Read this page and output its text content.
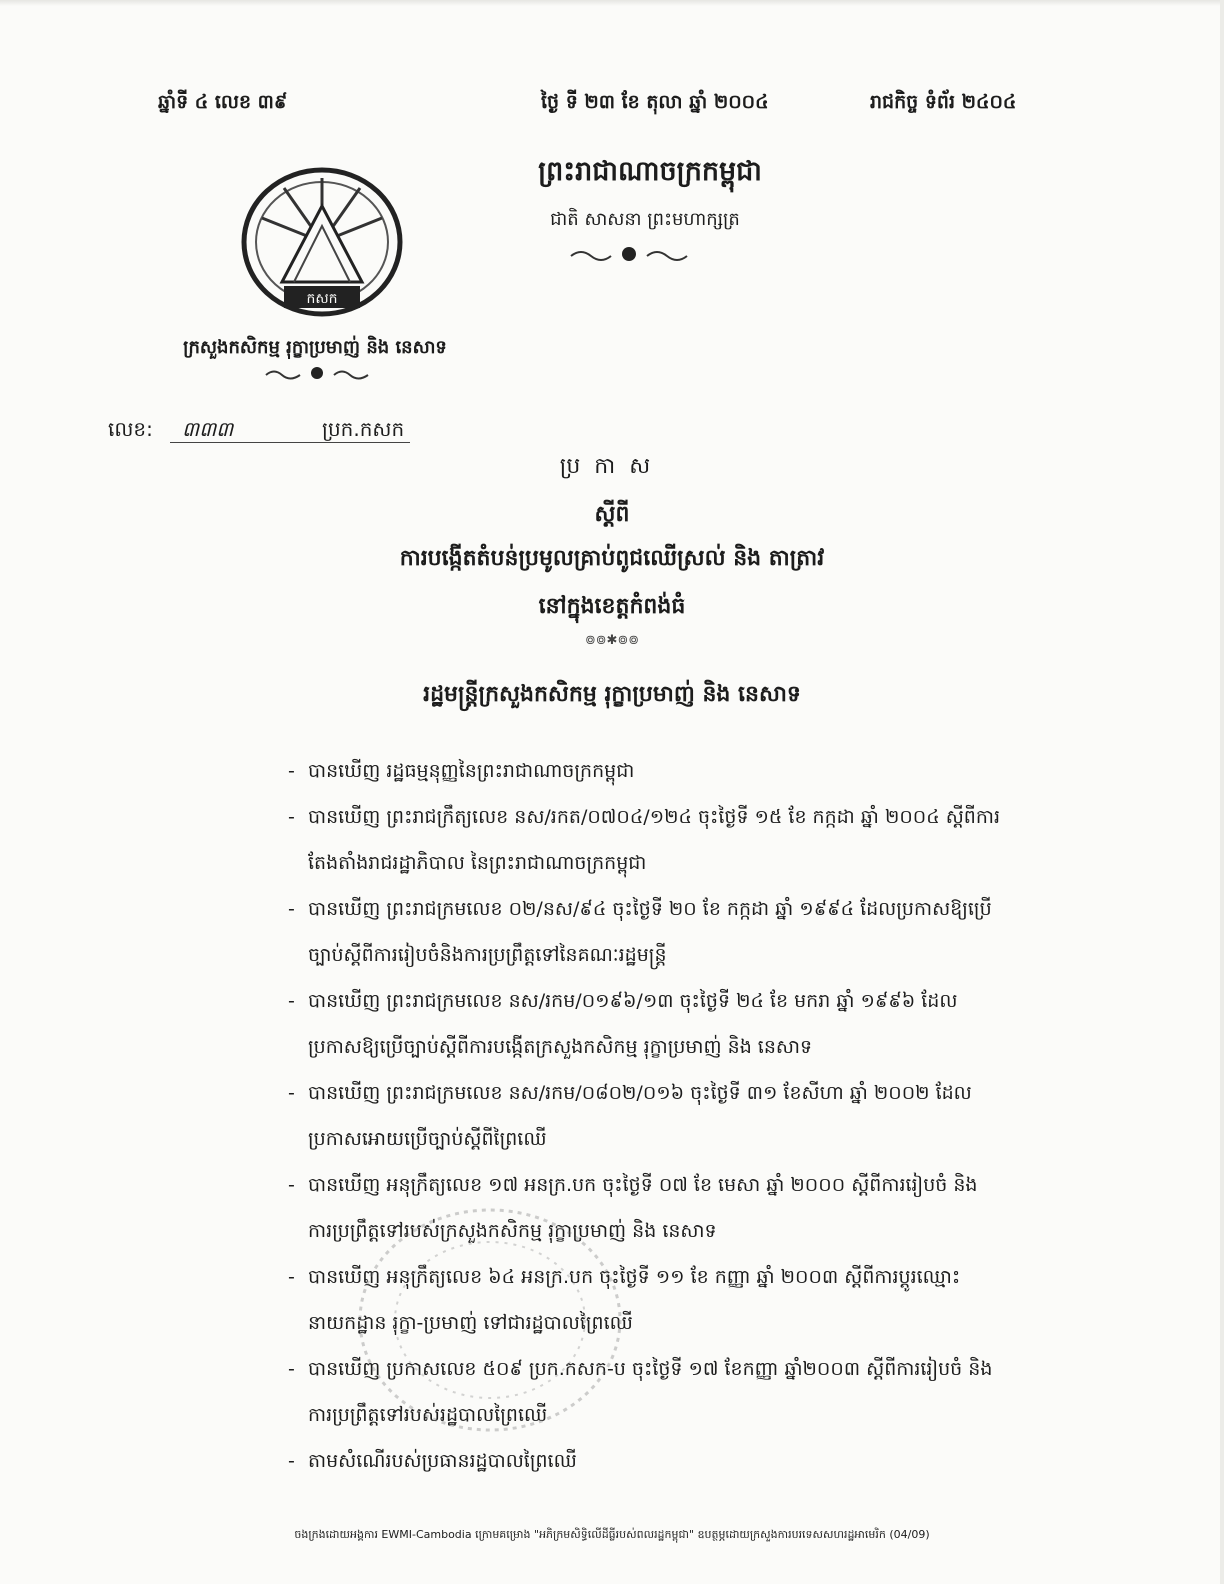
ឆ្នាំទី ៤ លេខ ៣៩	ថ្ងៃ ទី ២៣ ខែ តុលា ឆ្នាំ ២០០៤	រាជកិច្ច ទំព័រ ២៤០៤
ព្រះរាជាណាចក្រកម្ពុជា
ជាតិ សាសនា ព្រះមហាក្សត្រ
កសក
ក្រសួងកសិកម្ម រុក្ខាប្រមាញ់ និង នេសាទ
លេខ: ៣៣៣	ប្រក.កសក
ប្រកាស
ស្តីពី
ការបង្កើតតំបន់ប្រមូលគ្រាប់ពូជឈើស្រល់ និង តាត្រាវ
នៅក្នុងខេត្តកំពង់ធំ
៙៙✱៙៙
រដ្ឋមន្ត្រីក្រសួងកសិកម្ម រុក្ខាប្រមាញ់ និង នេសាទ
- បានឃើញ រដ្ឋធម្មនុញ្ញនៃព្រះរាជាណាចក្រកម្ពុជា
- បានឃើញ ព្រះរាជក្រឹត្យលេខ នស/រកត/០៧០៤/១២៤ ចុះថ្ងៃទី ១៥ ខែ កក្កដា ឆ្នាំ ២០០៤ ស្តីពីការ
តែងតាំងរាជរដ្ឋាភិបាល នៃព្រះរាជាណាចក្រកម្ពុជា
- បានឃើញ ព្រះរាជក្រមលេខ ០២/នស/៩៤ ចុះថ្ងៃទី ២០ ខែ កក្កដា ឆ្នាំ ១៩៩៤ ដែលប្រកាសឱ្យប្រើ
ច្បាប់ស្តីពីការរៀបចំនិងការប្រព្រឹត្តទៅនៃគណៈរដ្ឋមន្ត្រី
- បានឃើញ ព្រះរាជក្រមលេខ នស/រកម/០១៩៦/១៣ ចុះថ្ងៃទី ២៤ ខែ មករា ឆ្នាំ ១៩៩៦ ដែល
ប្រកាសឱ្យប្រើច្បាប់ស្តីពីការបង្កើតក្រសួងកសិកម្ម រុក្ខាប្រមាញ់ និង នេសាទ
- បានឃើញ ព្រះរាជក្រមលេខ នស/រកម/០៨០២/០១៦ ចុះថ្ងៃទី ៣១ ខែសីហា ឆ្នាំ ២០០២ ដែល
ប្រកាសអោយប្រើច្បាប់ស្តីពីព្រៃឈើ
- បានឃើញ អនុក្រឹត្យលេខ ១៧ អនក្រ.បក ចុះថ្ងៃទី ០៧ ខែ មេសា ឆ្នាំ ២០០០ ស្តីពីការរៀបចំ និង
ការប្រព្រឹត្តទៅរបស់ក្រសួងកសិកម្ម រុក្ខាប្រមាញ់ និង នេសាទ
- បានឃើញ អនុក្រឹត្យលេខ ៦៤ អនក្រ.បក ចុះថ្ងៃទី ១១ ខែ កញ្ញា ឆ្នាំ ២០០៣ ស្តីពីការប្តូរឈ្មោះ
នាយកដ្ឋាន រុក្ខា-ប្រមាញ់ ទៅជារដ្ឋបាលព្រៃឈើ
- បានឃើញ ប្រកាសលេខ ៥០៩ ប្រក.កសក-ប ចុះថ្ងៃទី ១៧ ខែកញ្ញា ឆ្នាំ២០០៣ ស្តីពីការរៀបចំ និង
ការប្រព្រឹត្តទៅរបស់រដ្ឋបាលព្រៃឈើ
- តាមសំណើរបស់ប្រធានរដ្ឋបាលព្រៃឈើ
ចងក្រងដោយអង្គការ EWMI-Cambodia ក្រោមគម្រោង "អភិក្រមសិទ្ធិលើដីធ្លីរបស់ពលរដ្ឋកម្ពុជា" ឧបត្ថម្ភដោយក្រសួងការបរទេសសហរដ្ឋអាមេរិក (04/09)
